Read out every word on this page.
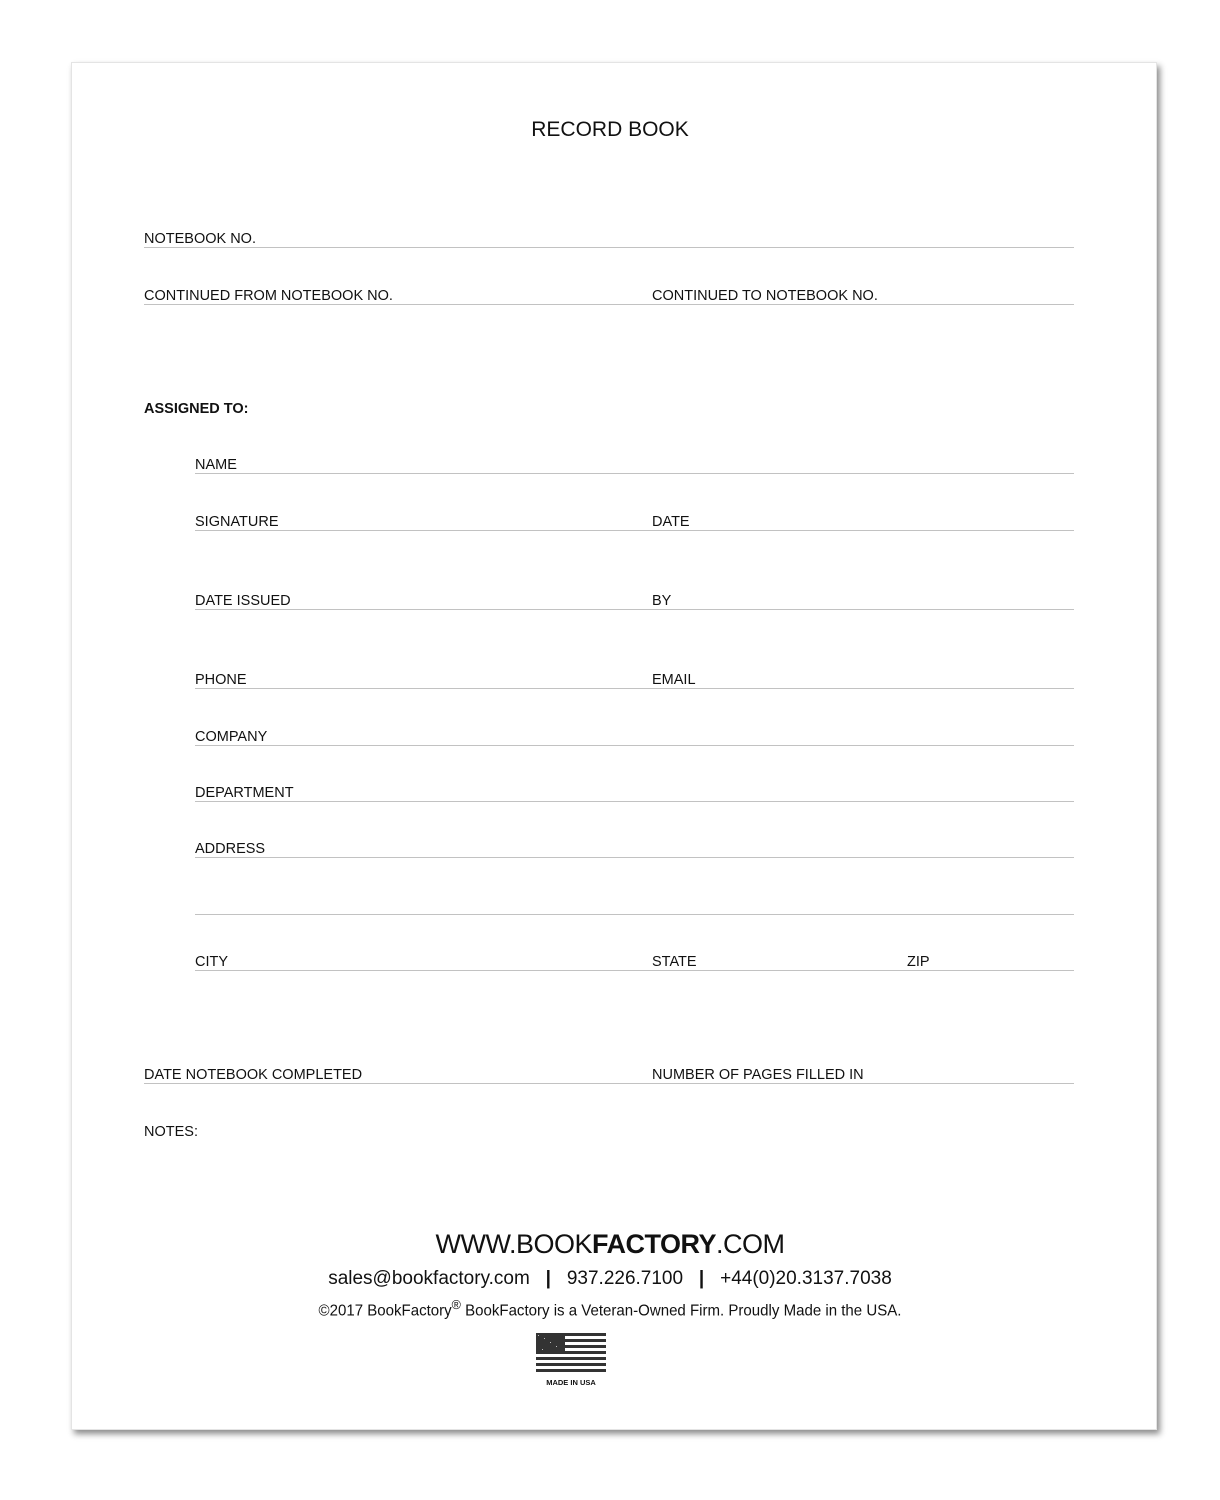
RECORD BOOK
NOTEBOOK NO.
CONTINUED FROM NOTEBOOK NO.	CONTINUED TO NOTEBOOK NO.
ASSIGNED TO:
NAME
SIGNATURE	DATE
DATE ISSUED	BY
PHONE	EMAIL
COMPANY
DEPARTMENT
ADDRESS
CITY	STATE	ZIP
DATE NOTEBOOK COMPLETED	NUMBER OF PAGES FILLED IN
NOTES:
WWW.BOOKFACTORY.COM
sales@bookfactory.com | 937.226.7100 | +44(0)20.3137.7038
©2017 BookFactory® BookFactory is a Veteran-Owned Firm. Proudly Made in the USA.
MADE IN USA
